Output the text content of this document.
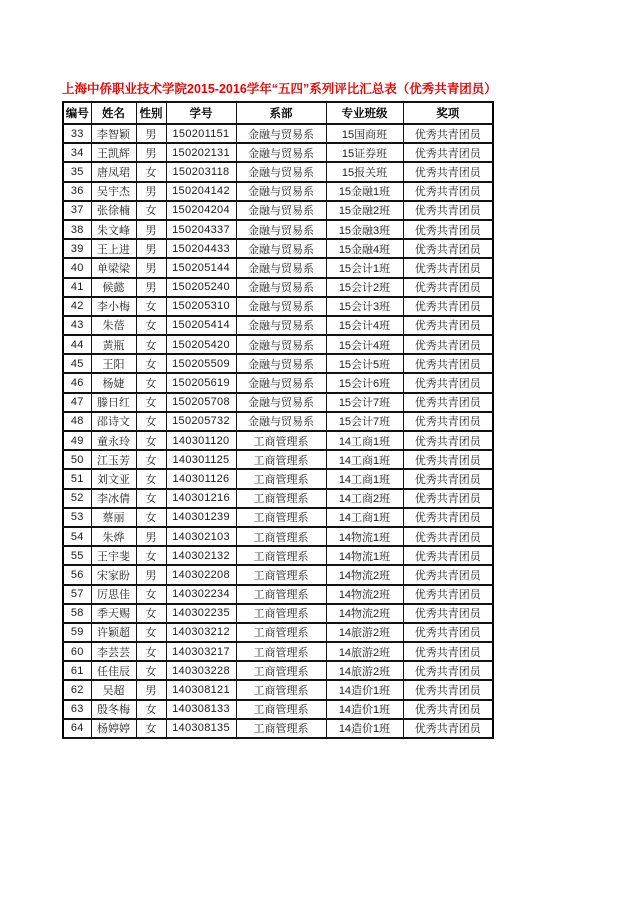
上海中侨职业技术学院2015-2016学年“五四”系列评比汇总表（优秀共青团员）
编号	姓名	性别	学号	系部	专业班级	奖项
33	李智颖	男	150201151	金融与贸易系	15国商班	优秀共青团员
34	王凯辉	男	150202131	金融与贸易系	15证券班	优秀共青团员
35	唐凤珺	女	150203118	金融与贸易系	15报关班	优秀共青团员
36	吴宇杰	男	150204142	金融与贸易系	15金融1班	优秀共青团员
37	张徐楠	女	150204204	金融与贸易系	15金融2班	优秀共青团员
38	朱文峰	男	150204337	金融与贸易系	15金融3班	优秀共青团员
39	王上进	男	150204433	金融与贸易系	15金融4班	优秀共青团员
40	单梁梁	男	150205144	金融与贸易系	15会计1班	优秀共青团员
41	候懿	男	150205240	金融与贸易系	15会计2班	优秀共青团员
42	李小梅	女	150205310	金融与贸易系	15会计3班	优秀共青团员
43	朱蓓	女	150205414	金融与贸易系	15会计4班	优秀共青团员
44	黄瓶	女	150205420	金融与贸易系	15会计4班	优秀共青团员
45	王阳	女	150205509	金融与贸易系	15会计5班	优秀共青团员
46	杨婕	女	150205619	金融与贸易系	15会计6班	优秀共青团员
47	滕日红	女	150205708	金融与贸易系	15会计7班	优秀共青团员
48	邵诗文	女	150205732	金融与贸易系	15会计7班	优秀共青团员
49	童永玲	女	140301120	工商管理系	14工商1班	优秀共青团员
50	江玉芳	女	140301125	工商管理系	14工商1班	优秀共青团员
51	刘文亚	女	140301126	工商管理系	14工商1班	优秀共青团员
52	李冰倩	女	140301216	工商管理系	14工商2班	优秀共青团员
53	蔡丽	女	140301239	工商管理系	14工商1班	优秀共青团员
54	朱烨	男	140302103	工商管理系	14物流1班	优秀共青团员
55	王宇斐	女	140302132	工商管理系	14物流1班	优秀共青团员
56	宋家盼	男	140302208	工商管理系	14物流2班	优秀共青团员
57	厉思佳	女	140302234	工商管理系	14物流2班	优秀共青团员
58	季天赐	女	140302235	工商管理系	14物流2班	优秀共青团员
59	许颖超	女	140303212	工商管理系	14旅游2班	优秀共青团员
60	李芸芸	女	140303217	工商管理系	14旅游2班	优秀共青团员
61	任佳辰	女	140303228	工商管理系	14旅游2班	优秀共青团员
62	吴超	男	140308121	工商管理系	14造价1班	优秀共青团员
63	殷冬梅	女	140308133	工商管理系	14造价1班	优秀共青团员
64	杨婷婷	女	140308135	工商管理系	14造价1班	优秀共青团员
